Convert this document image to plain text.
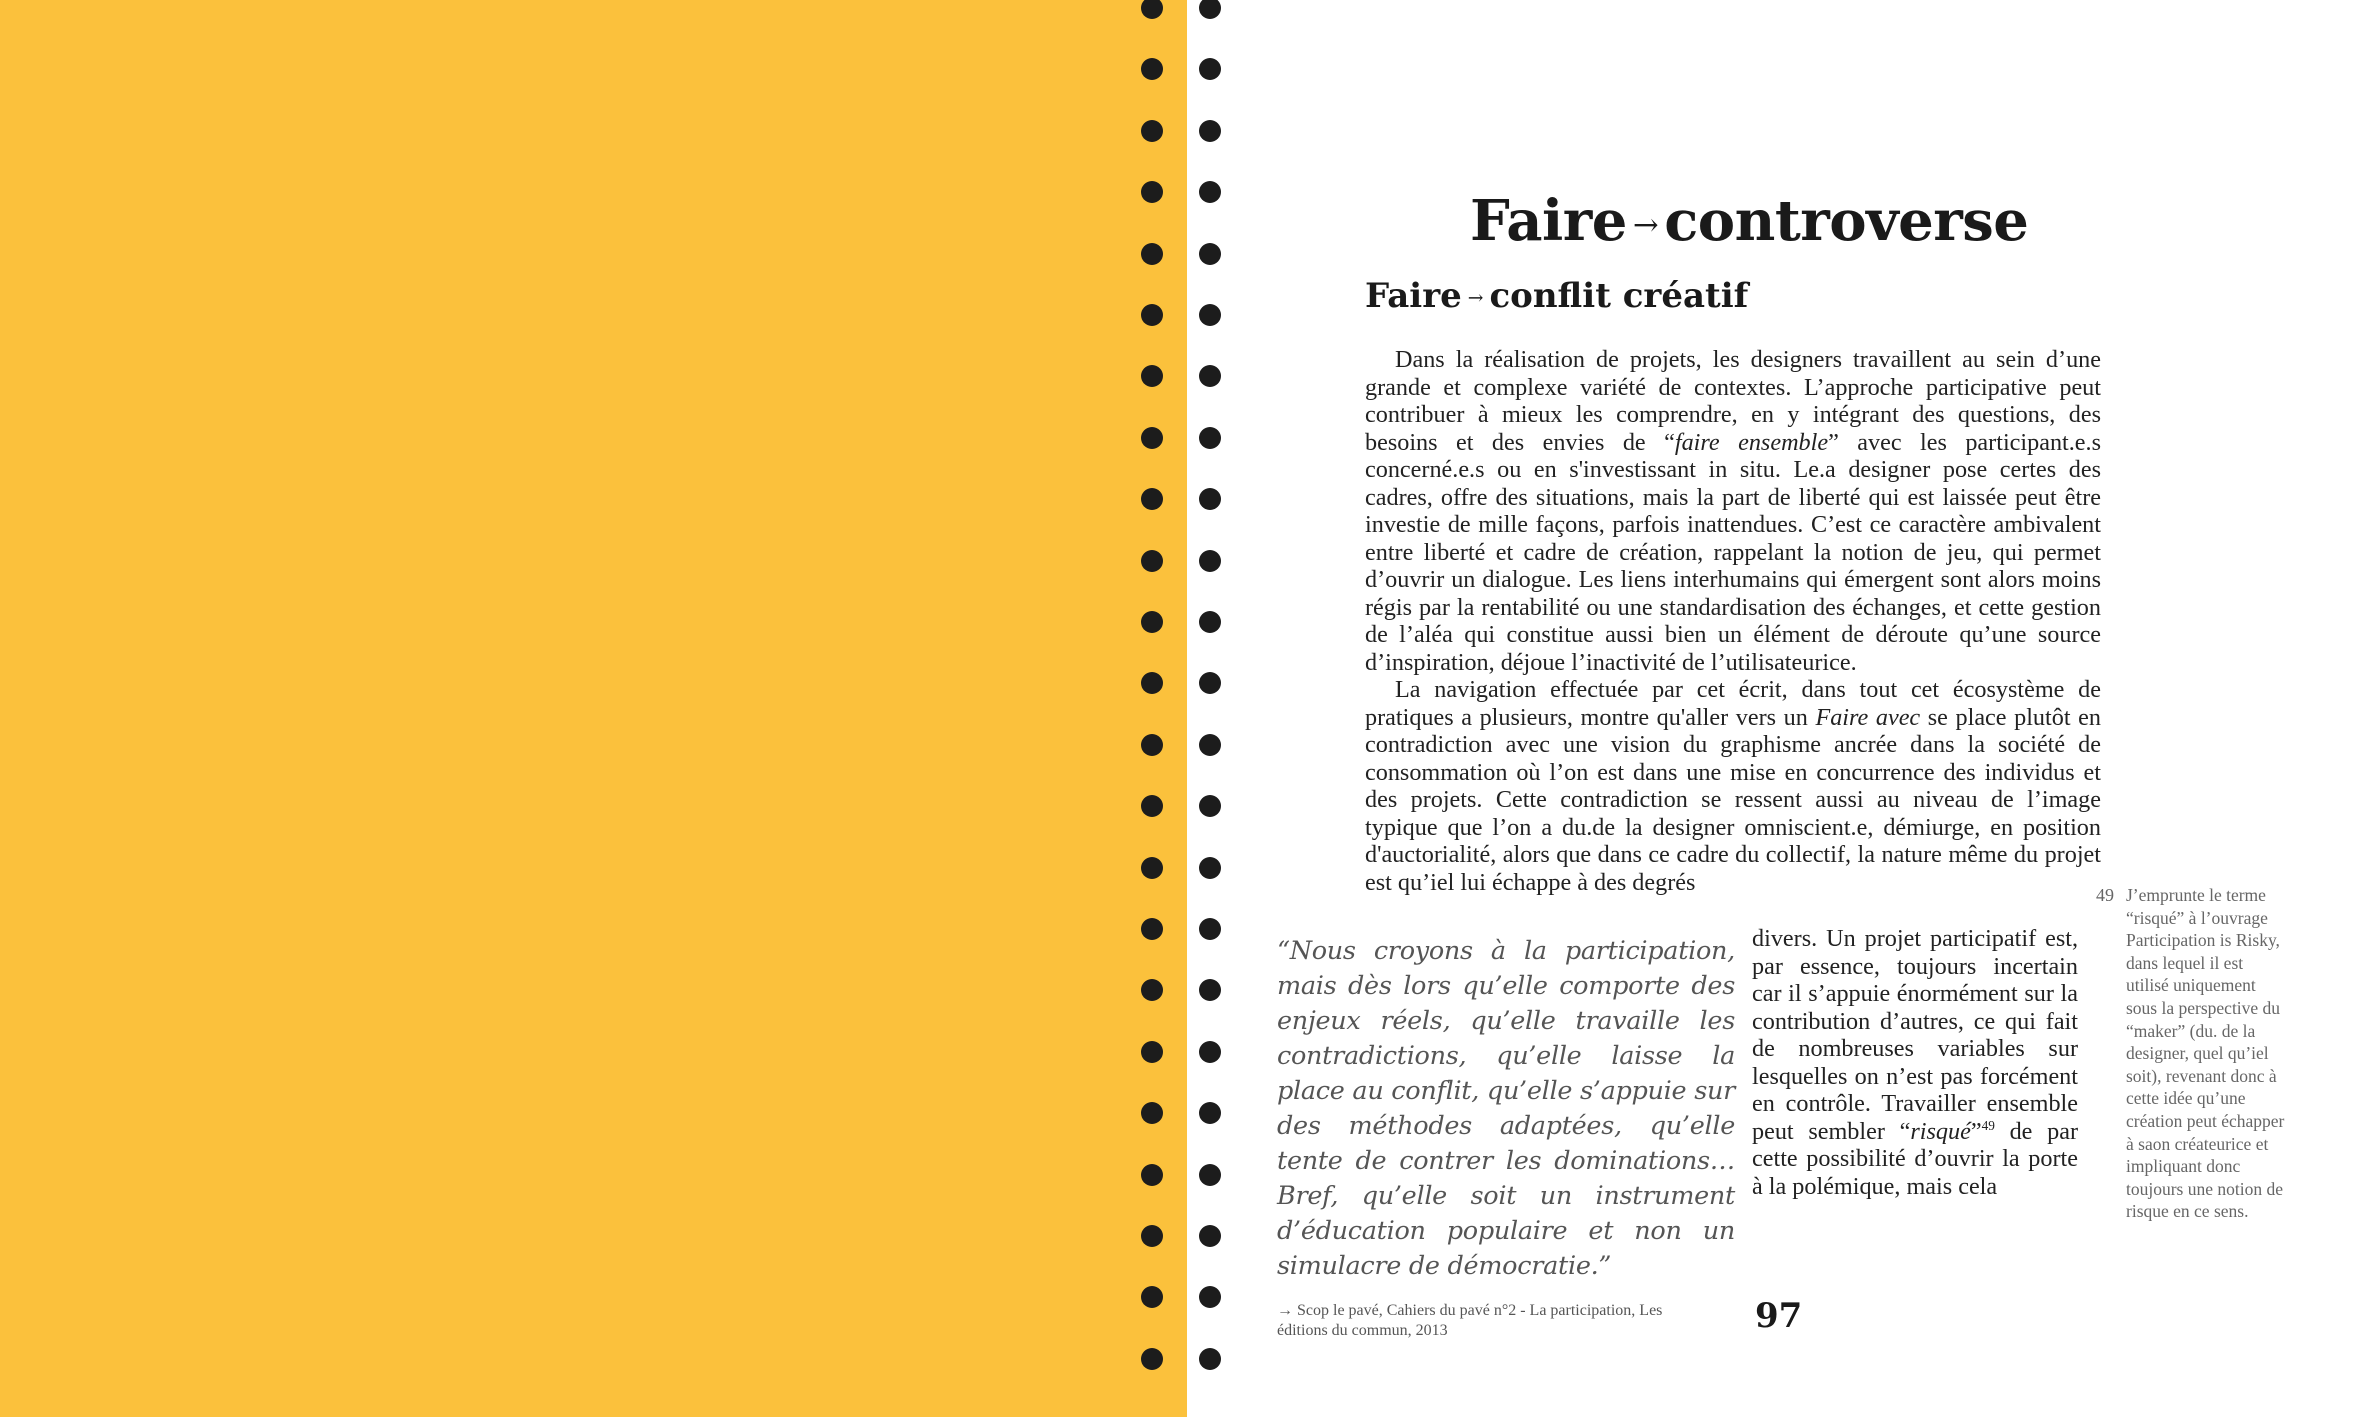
Faire → controverse
Faire → conflit créatif

Dans la réalisation de projets, les designers travaillent au sein d’une grande et complexe variété de contextes. L’approche participative peut contribuer à mieux les comprendre, en y intégrant des questions, des besoins et des envies de “faire ensemble” avec les participant.e.s concerné.e.s ou en s'investissant in situ. Le.a designer pose certes des cadres, offre des situations, mais la part de liberté qui est laissée peut être investie de mille façons, parfois inattendues. C’est ce caractère ambivalent entre liberté et cadre de création, rappelant la notion de jeu, qui permet d’ouvrir un dialogue. Les liens interhumains qui émergent sont alors moins régis par la rentabilité ou une standardisation des échanges, et cette gestion de l’aléa qui constitue aussi bien un élément de déroute qu’une source d’inspiration, déjoue l’inactivité de l’utilisateurice.

La navigation effectuée par cet écrit, dans tout cet écosystème de pratiques a plusieurs, montre qu'aller vers un Faire avec se place plutôt en contradiction avec une vision du graphisme ancrée dans la société de consommation où l’on est dans une mise en concurrence des individus et des projets. Cette contradiction se ressent aussi au niveau de l’image typique que l’on a du.de la designer omniscient.e, démiurge, en position d'auctorialité, alors que dans ce cadre du collectif, la nature même du projet est qu’iel lui échappe à des degrés

divers. Un projet participatif est, par essence, toujours incertain car il s’appuie énormément sur la contribution d’autres, ce qui fait de nombreuses variables sur lesquelles on n’est pas forcément en contrôle. Travailler ensemble peut sembler “risqué”$^{49}$ de par cette possibilité d’ouvrir la porte à la polémique, mais cela

“Nous croyons à la participation, mais dès lors qu’elle comporte des enjeux réels, qu’elle travaille les contradictions, qu’elle laisse la place au conflit, qu’elle s’appuie sur des méthodes adaptées, qu’elle tente de contrer les dominations… Bref, qu’elle soit un instrument d’éducation populaire et non un simulacre de démocratie.”
→ Scop le pavé, Cahiers du pavé n°2 - La participation, Les éditions du commun, 2013	97
49 J’emprunte le terme “risqué” à l’ouvrage Participation is Risky, dans lequel il est utilisé uniquement sous la perspective du “maker” (du. de la designer, quel qu’iel soit), revenant donc à cette idée qu’une création peut échapper à saon créateurice et impliquant donc toujours une notion de risque en ce sens.
